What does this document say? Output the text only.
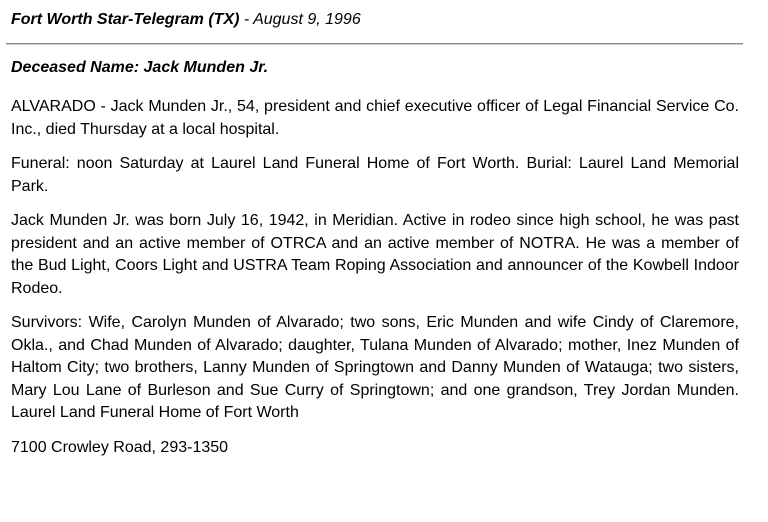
Fort Worth Star-Telegram (TX) - August 9, 1996
Deceased Name: Jack Munden Jr.

ALVARADO - Jack Munden Jr., 54, president and chief executive officer of Legal Financial Service Co. Inc., died Thursday at a local hospital.

Funeral: noon Saturday at Laurel Land Funeral Home of Fort Worth. Burial: Laurel Land Memorial Park.

Jack Munden Jr. was born July 16, 1942, in Meridian. Active in rodeo since high school, he was past president and an active member of OTRCA and an active member of NOTRA. He was a member of the Bud Light, Coors Light and USTRA Team Roping Association and announcer of the Kowbell Indoor Rodeo.

Survivors: Wife, Carolyn Munden of Alvarado; two sons, Eric Munden and wife Cindy of Claremore, Okla., and Chad Munden of Alvarado; daughter, Tulana Munden of Alvarado; mother, Inez Munden of Haltom City; two brothers, Lanny Munden of Springtown and Danny Munden of Watauga; two sisters, Mary Lou Lane of Burleson and Sue Curry of Springtown; and one grandson, Trey Jordan Munden. Laurel Land Funeral Home of Fort Worth

7100 Crowley Road, 293-1350
